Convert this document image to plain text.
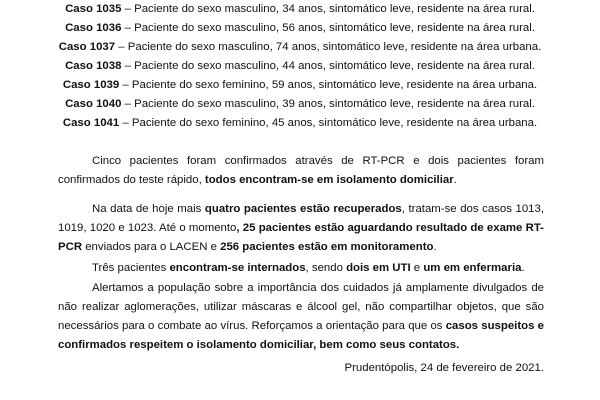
Caso 1035 – Paciente do sexo masculino, 34 anos, sintomático leve, residente na área rural.
Caso 1036 – Paciente do sexo masculino, 56 anos, sintomático leve, residente na área rural.
Caso 1037 – Paciente do sexo masculino, 74 anos, sintomático leve, residente na área urbana.
Caso 1038 – Paciente do sexo masculino, 44 anos, sintomático leve, residente na área rural.
Caso 1039 – Paciente do sexo feminino, 59 anos, sintomático leve, residente na área urbana.
Caso 1040 – Paciente do sexo masculino, 39 anos, sintomático leve, residente na área rural.
Caso 1041 – Paciente do sexo feminino, 45 anos, sintomático leve, residente na área urbana.

Cinco pacientes foram confirmados através de RT-PCR e dois pacientes foram confirmados do teste rápido, todos encontram-se em isolamento domiciliar.

Na data de hoje mais quatro pacientes estão recuperados, tratam-se dos casos 1013, 1019, 1020 e 1023. Até o momento, 25 pacientes estão aguardando resultado de exame RT-PCR enviados para o LACEN e 256 pacientes estão em monitoramento.

Três pacientes encontram-se internados, sendo dois em UTI e um em enfermaria.

Alertamos a população sobre a importância dos cuidados já amplamente divulgados de não realizar aglomerações, utilizar máscaras e álcool gel, não compartilhar objetos, que são necessários para o combate ao vírus. Reforçamos a orientação para que os casos suspeitos e confirmados respeitem o isolamento domiciliar, bem como seus contatos.

Prudentópolis, 24 de fevereiro de 2021.
